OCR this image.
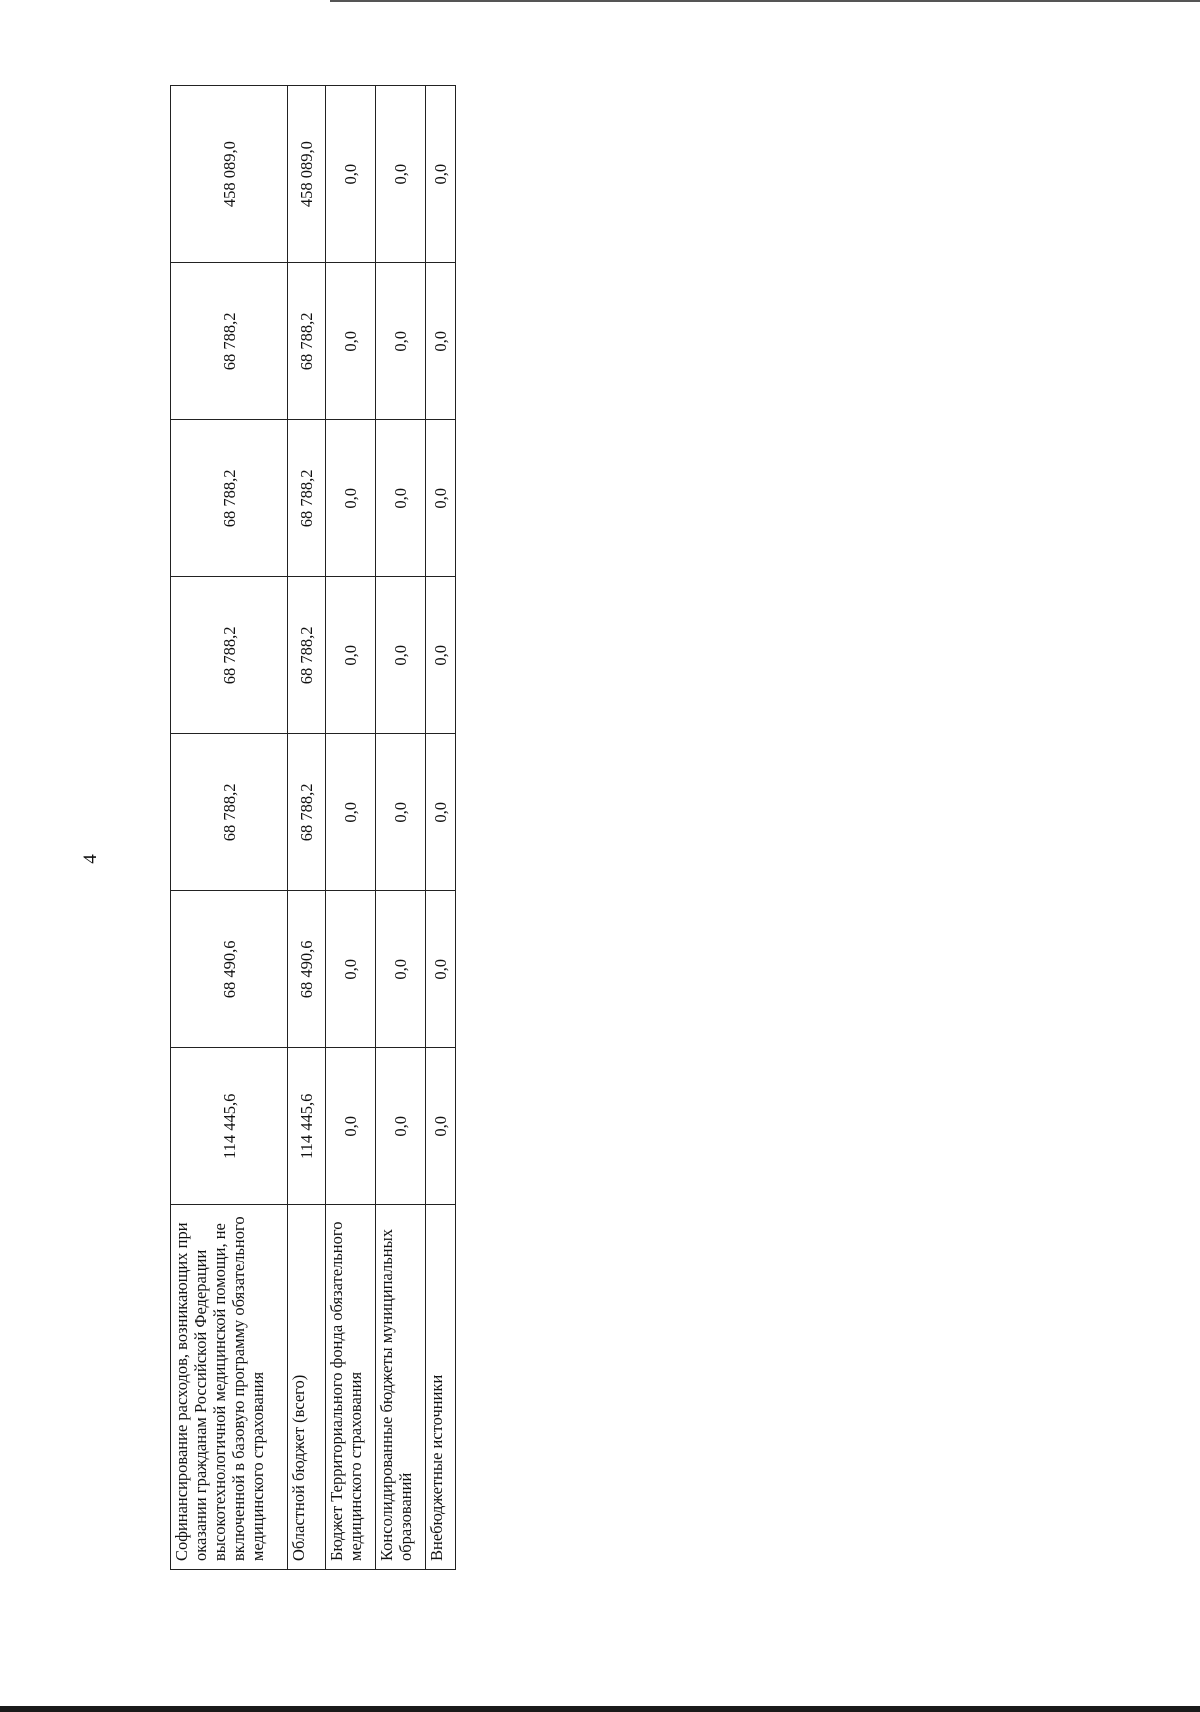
4
Софинансирование расходов, возникающих при оказании гражданам Российской Федерации высокотехнологичной медицинской помощи, не включенной в базовую программу обязательного медицинского страхования	114 445,6	68 490,6	68 788,2	68 788,2	68 788,2	68 788,2	458 089,0
Областной бюджет (всего)	114 445,6	68 490,6	68 788,2	68 788,2	68 788,2	68 788,2	458 089,0
Бюджет Территориального фонда обязательного медицинского страхования	0,0	0,0	0,0	0,0	0,0	0,0	0,0
Консолидированные бюджеты муниципальных образований	0,0	0,0	0,0	0,0	0,0	0,0	0,0
Внебюджетные источники	0,0	0,0	0,0	0,0	0,0	0,0	0,0
